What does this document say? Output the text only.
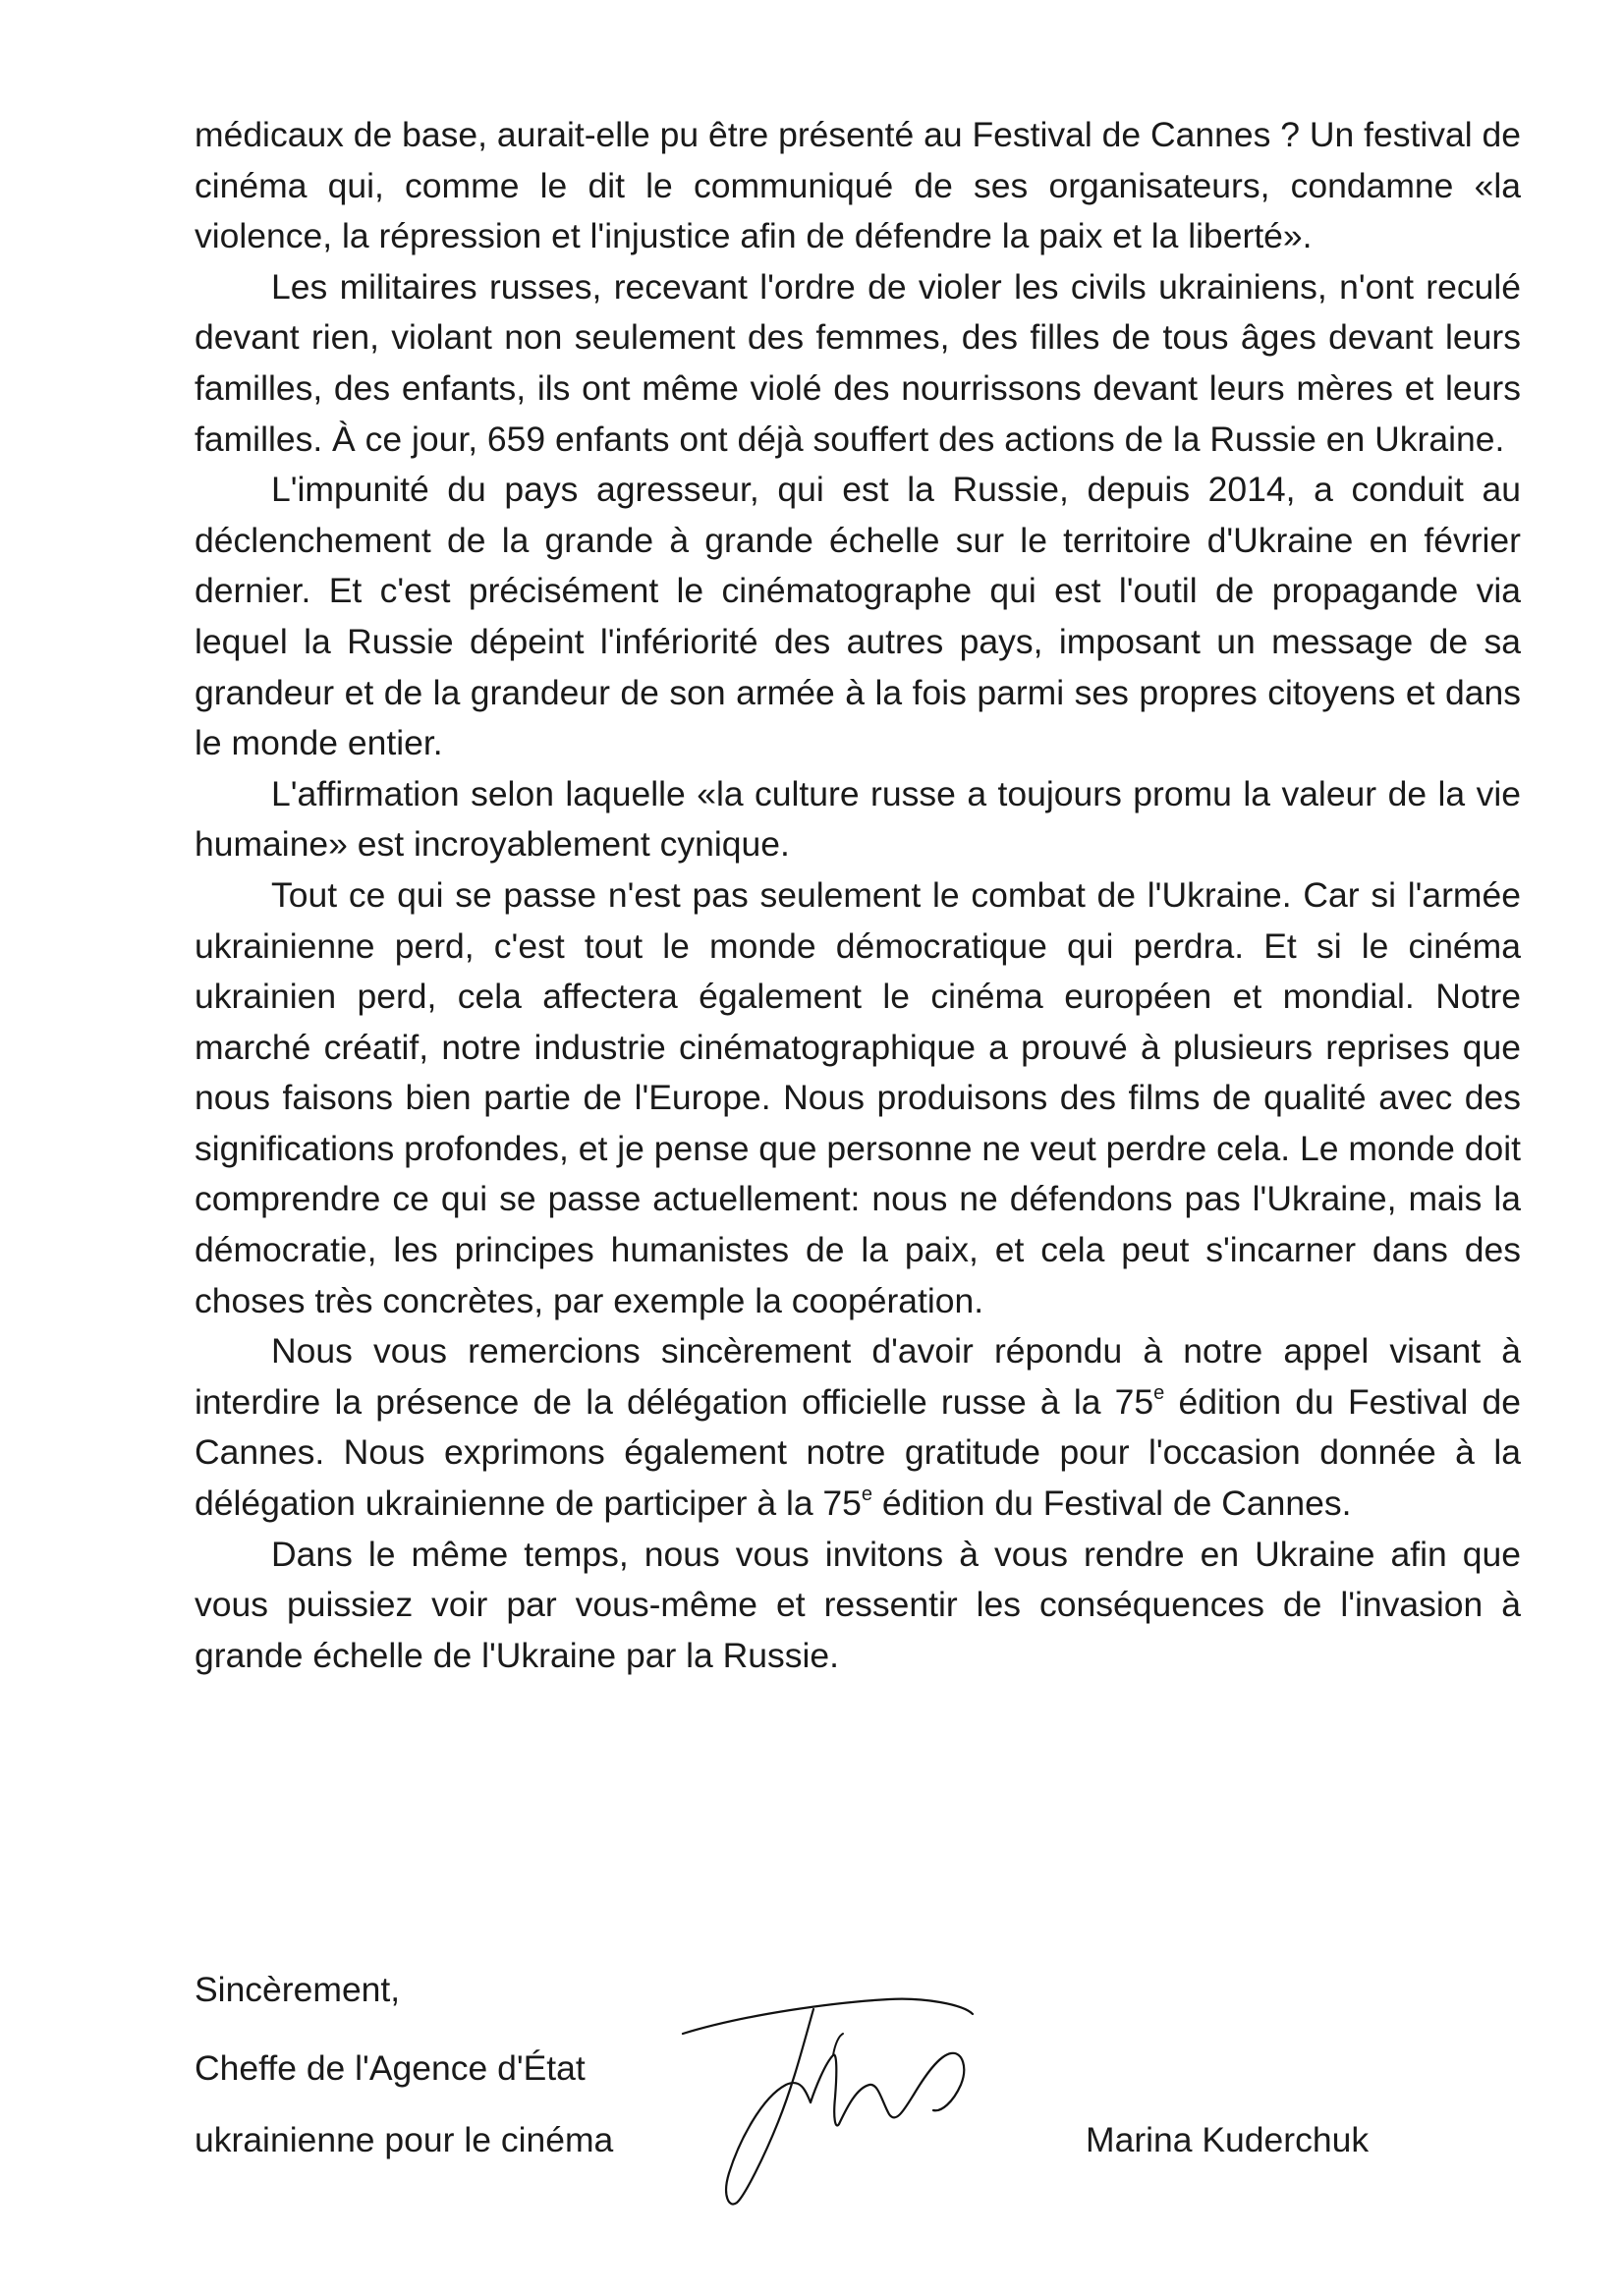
médicaux de base, aurait-elle pu être présenté au Festival de Cannes ? Un festival de cinéma qui, comme le dit le communiqué de ses organisateurs, condamne «la violence, la répression et l'injustice afin de défendre la paix et la liberté».

Les militaires russes, recevant l'ordre de violer les civils ukrainiens, n'ont reculé devant rien, violant non seulement des femmes, des filles de tous âges devant leurs familles, des enfants, ils ont même violé des nourrissons devant leurs mères et leurs familles. À ce jour, 659 enfants ont déjà souffert des actions de la Russie en Ukraine.

L'impunité du pays agresseur, qui est la Russie, depuis 2014, a conduit au déclenchement de la grande à grande échelle sur le territoire d'Ukraine en février dernier. Et c'est précisément le cinématographe qui est l'outil de propagande via lequel la Russie dépeint l'infériorité des autres pays, imposant un message de sa grandeur et de la grandeur de son armée à la fois parmi ses propres citoyens et dans le monde entier.

L'affirmation selon laquelle «la culture russe a toujours promu la valeur de la vie humaine» est incroyablement cynique.

Tout ce qui se passe n'est pas seulement le combat de l'Ukraine. Car si l'armée ukrainienne perd, c'est tout le monde démocratique qui perdra. Et si le cinéma ukrainien perd, cela affectera également le cinéma européen et mondial. Notre marché créatif, notre industrie cinématographique a prouvé à plusieurs reprises que nous faisons bien partie de l'Europe. Nous produisons des films de qualité avec des significations profondes, et je pense que personne ne veut perdre cela. Le monde doit comprendre ce qui se passe actuellement: nous ne défendons pas l'Ukraine, mais la démocratie, les principes humanistes de la paix, et cela peut s'incarner dans des choses très concrètes, par exemple la coopération.

Nous vous remercions sincèrement d'avoir répondu à notre appel visant à interdire la présence de la délégation officielle russe à la 75e édition du Festival de Cannes. Nous exprimons également notre gratitude pour l'occasion donnée à la délégation ukrainienne de participer à la 75e édition du Festival de Cannes.

Dans le même temps, nous vous invitons à vous rendre en Ukraine afin que vous puissiez voir par vous-même et ressentir les conséquences de l'invasion à grande échelle de l'Ukraine par la Russie.

Sincèrement,
Cheffe de l'Agence d'État
ukrainienne pour le cinéma	Marina Kuderchuk
